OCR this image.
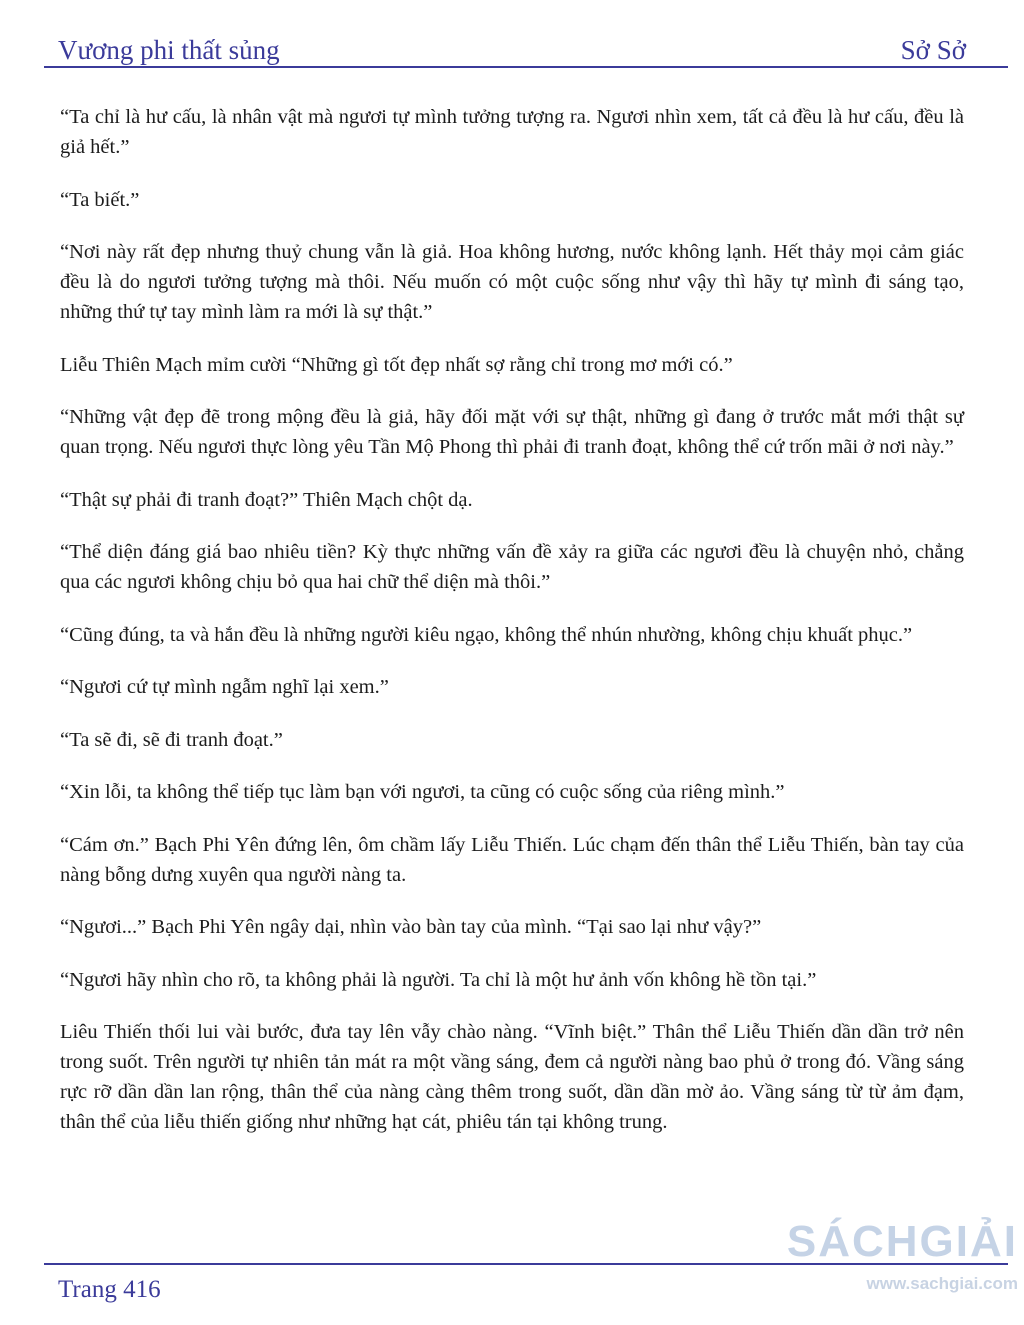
Vương phi thất sủng	Sở Sở

“Ta chỉ là hư cấu, là nhân vật mà ngươi tự mình tưởng tượng ra. Ngươi nhìn xem, tất cả đều là hư cấu, đều là giả hết.”

“Ta biết.”

“Nơi này rất đẹp nhưng thuỷ chung vẫn là giả. Hoa không hương, nước không lạnh. Hết thảy mọi cảm giác đều là do ngươi tưởng tượng mà thôi. Nếu muốn có một cuộc sống như vậy thì hãy tự mình đi sáng tạo, những thứ tự tay mình làm ra mới là sự thật.”

Liễu Thiên Mạch mỉm cười “Những gì tốt đẹp nhất sợ rằng chỉ trong mơ mới có.”

“Những vật đẹp đẽ trong mộng đều là giả, hãy đối mặt với sự thật, những gì đang ở trước mắt mới thật sự quan trọng. Nếu ngươi thực lòng yêu Tần Mộ Phong thì phải đi tranh đoạt, không thể cứ trốn mãi ở nơi này.”

“Thật sự phải đi tranh đoạt?” Thiên Mạch chột dạ.

“Thể diện đáng giá bao nhiêu tiền? Kỳ thực những vấn đề xảy ra giữa các ngươi đều là chuyện nhỏ, chẳng qua các ngươi không chịu bỏ qua hai chữ thể diện mà thôi.”

“Cũng đúng, ta và hắn đều là những người kiêu ngạo, không thể nhún nhường, không chịu khuất phục.”

“Ngươi cứ tự mình ngẫm nghĩ lại xem.”

“Ta sẽ đi, sẽ đi tranh đoạt.”

“Xin lỗi, ta không thể tiếp tục làm bạn với ngươi, ta cũng có cuộc sống của riêng mình.”

“Cám ơn.” Bạch Phi Yên đứng lên, ôm chầm lấy Liễu Thiến. Lúc chạm đến thân thể Liễu Thiến, bàn tay của nàng bỗng dưng xuyên qua người nàng ta.

“Ngươi...” Bạch Phi Yên ngây dại, nhìn vào bàn tay của mình. “Tại sao lại như vậy?”

“Ngươi hãy nhìn cho rõ, ta không phải là người. Ta chỉ là một hư ảnh vốn không hề tồn tại.”

Liêu Thiến thối lui vài bước, đưa tay lên vẫy chào nàng. “Vĩnh biệt.” Thân thể Liễu Thiến dần dần trở nên trong suốt. Trên người tự nhiên tản mát ra một vầng sáng, đem cả người nàng bao phủ ở trong đó. Vầng sáng rực rỡ dần dần lan rộng, thân thể của nàng càng thêm trong suốt, dần dần mờ ảo. Vầng sáng từ từ ảm đạm, thân thể của liễu thiến giống như những hạt cát, phiêu tán tại không trung.

Trang 416
SÁCHGIẢI
www.sachgiai.com
